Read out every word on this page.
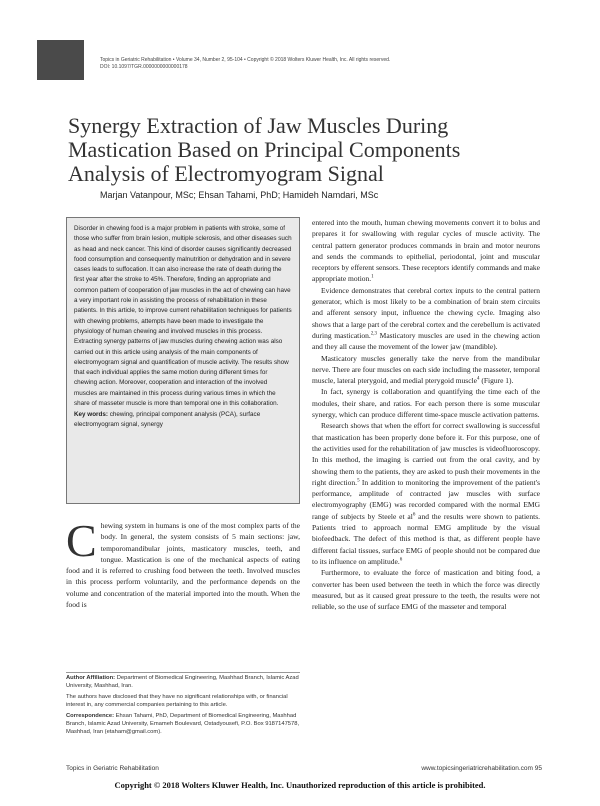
Topics in Geriatric Rehabilitation • Volume 34, Number 2, 95-104 • Copyright © 2018 Wolters Kluwer Health, Inc. All rights reserved.
DOI: 10.1097/TGR.0000000000000178
Synergy Extraction of Jaw Muscles During Mastication Based on Principal Components Analysis of Electromyogram Signal
Marjan Vatanpour, MSc; Ehsan Tahami, PhD; Hamideh Namdari, MSc
Disorder in chewing food is a major problem in patients with stroke, some of those who suffer from brain lesion, multiple sclerosis, and other diseases such as head and neck cancer. This kind of disorder causes significantly decreased food consumption and consequently malnutrition or dehydration and in severe cases leads to suffocation. It can also increase the rate of death during the first year after the stroke to 45%. Therefore, finding an appropriate and common pattern of cooperation of jaw muscles in the act of chewing can have a very important role in assisting the process of rehabilitation in these patients. In this article, to improve current rehabilitation techniques for patients with chewing problems, attempts have been made to investigate the physiology of human chewing and involved muscles in this process. Extracting synergy patterns of jaw muscles during chewing action was also carried out in this article using analysis of the main components of electromyogram signal and quantification of muscle activity. The results show that each individual applies the same motion during different times for chewing action. Moreover, cooperation and interaction of the involved muscles are maintained in this process during various times in which the share of masseter muscle is more than temporal one in this collaboration.
Key words: chewing, principal component analysis (PCA), surface electromyogram signal, synergy
Chewing system in humans is one of the most complex parts of the body. In general, the system consists of 5 main sections: jaw, temporomandibular joints, masticatory muscles, teeth, and tongue. Mastication is one of the mechanical aspects of eating food and it is referred to crushing food between the teeth. Involved muscles in this process perform voluntarily, and the performance depends on the volume and concentration of the material imported into the mouth. When the food is

Author Affiliation: Department of Biomedical Engineering, Mashhad Branch, Islamic Azad University, Mashhad, Iran.

The authors have disclosed that they have no significant relationships with, or financial interest in, any commercial companies pertaining to this article.

Correspondence: Ehsan Tahami, PhD, Department of Biomedical Engineering, Mashhad Branch, Islamic Azad University, Emameh Boulevard, Ostadyousefi, P.O. Box 9187147578, Mashhad, Iran (etaham@gmail.com).

entered into the mouth, human chewing movements convert it to bolus and prepares it for swallowing with regular cycles of muscle activity. The central pattern generator produces commands in brain and motor neurons and sends the commands to epithelial, periodontal, joint and muscular receptors by efferent sensors. These receptors identify commands and make appropriate motion.$^1$

Evidence demonstrates that cerebral cortex inputs to the central pattern generator, which is most likely to be a combination of brain stem circuits and afferent sensory input, influence the chewing cycle. Imaging also shows that a large part of the cerebral cortex and the cerebellum is activated during mastication.$^{2,3}$ Masticatory muscles are used in the chewing action and they all cause the movement of the lower jaw (mandible).

Masticatory muscles generally take the nerve from the mandibular nerve. There are four muscles on each side including the masseter, temporal muscle, lateral pterygoid, and medial pterygoid muscle$^4$ (Figure 1).

In fact, synergy is collaboration and quantifying the time each of the modules, their share, and ratios. For each person there is some muscular synergy, which can produce different time-space muscle activation patterns.

Research shows that when the effort for correct swallowing is successful that mastication has been properly done before it. For this purpose, one of the activities used for the rehabilitation of jaw muscles is videofluoroscopy. In this method, the imaging is carried out from the oral cavity, and by showing them to the patients, they are asked to push their movements in the right direction.$^5$ In addition to monitoring the improvement of the patient's performance, amplitude of contracted jaw muscles with surface electromyography (EMG) was recorded compared with the normal EMG range of subjects by Steele et $al^6$ and the results were shown to patients. Patients tried to approach normal EMG amplitude by the visual biofeedback. The defect of this method is that, as different people have different facial tissues, surface EMG of people should not be compared due to its influence on amplitude.$^6$

Furthermore, to evaluate the force of mastication and biting food, a converter has been used between the teeth in which the force was directly measured, but as it caused great pressure to the teeth, the results were not reliable, so the use of surface EMG of the masseter and temporal

Topics in Geriatric Rehabilitation	www.topicsingeriatricrehabilitation.com 95
Copyright © 2018 Wolters Kluwer Health, Inc. Unauthorized reproduction of this article is prohibited.
